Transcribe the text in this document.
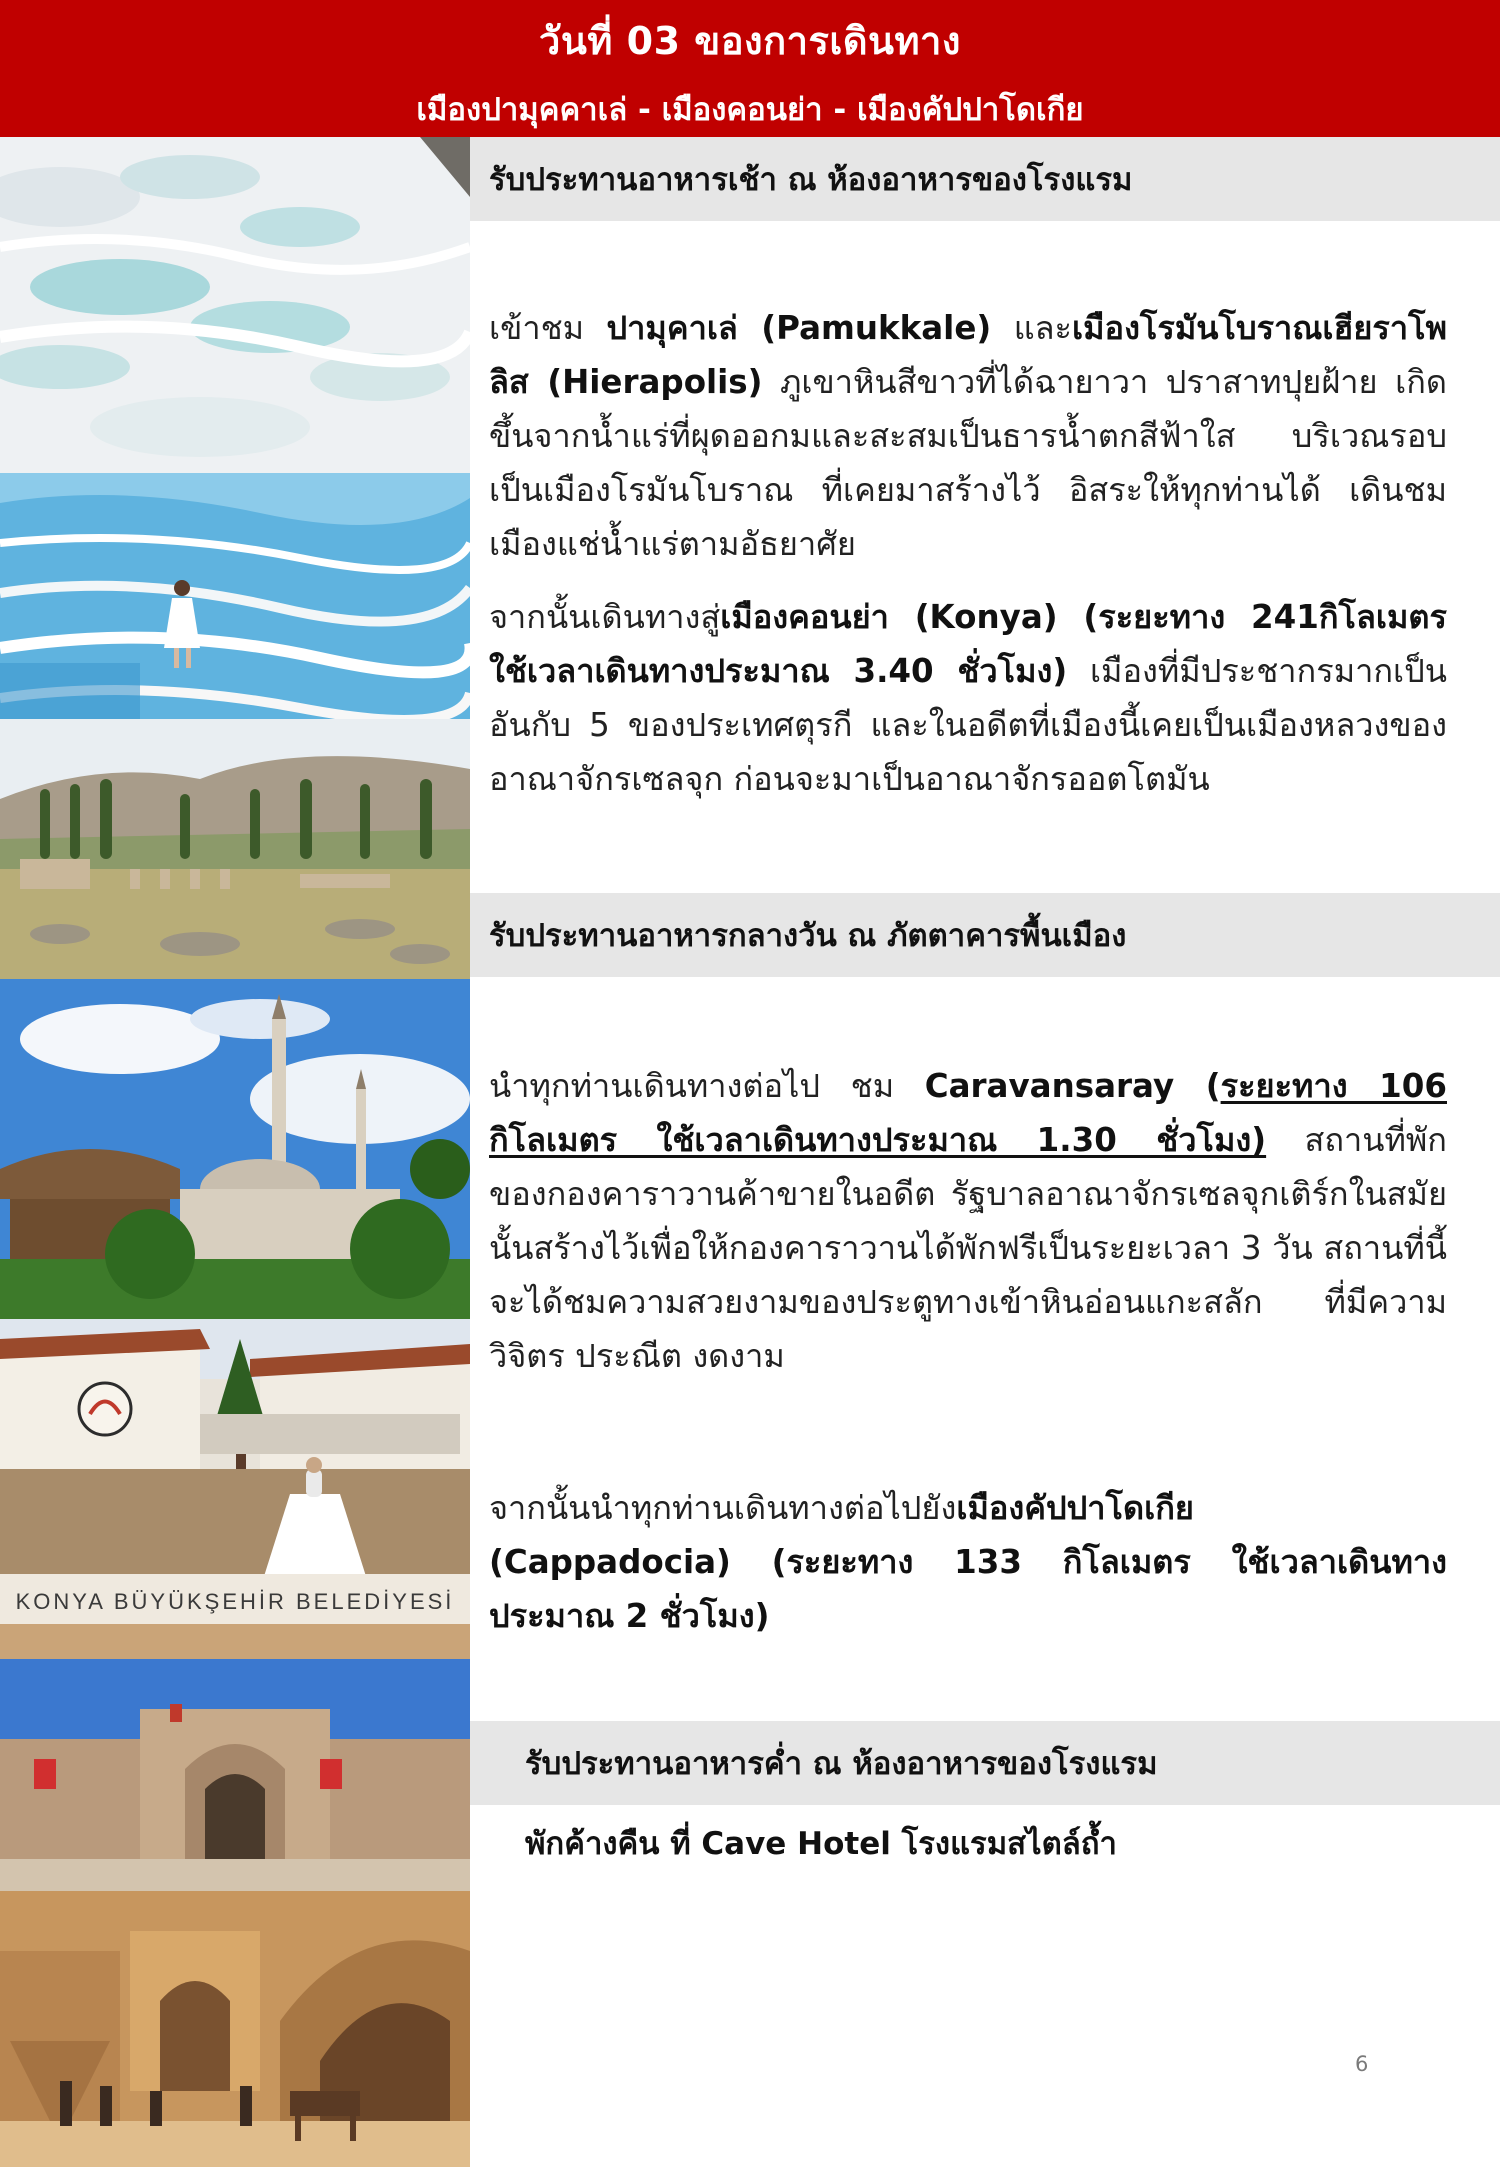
วันที่ 03 ของการเดินทาง
เมืองปามุคคาเล่ - เมืองคอนย่า - เมืองคัปปาโดเกีย
KONYA BÜYÜKŞEHİR BELEDİYESİ
รับประทานอาหารเช้า ณ ห้องอาหารของโรงแรม
เข้าชม ปามุคาเล่ (Pamukkale) และเมืองโรมันโบราณเฮียราโพลิส (Hierapolis) ภูเขาหินสีขาวที่ได้ฉายาวา ปราสาทปุยฝ้าย เกิดขึ้นจากน้ำแร่ที่ผุดออกมและสะสมเป็นธารน้ำตกสีฟ้าใส บริเวณรอบเป็นเมืองโรมันโบราณ ที่เคยมาสร้างไว้ อิสระให้ทุกท่านได้ เดินชมเมืองแช่น้ำแร่ตามอัธยาศัย
จากนั้นเดินทางสู่เมืองคอนย่า (Konya) (ระยะทาง 241กิโลเมตร ใช้เวลาเดินทางประมาณ 3.40 ชั่วโมง) เมืองที่มีประชากรมากเป็นอันกับ 5 ของประเทศตุรกี และในอดีตที่เมืองนี้เคยเป็นเมืองหลวงของอาณาจักรเซลจุก ก่อนจะมาเป็นอาณาจักรออตโตมัน
รับประทานอาหารกลางวัน ณ ภัตตาคารพื้นเมือง
นำทุกท่านเดินทางต่อไป ชม Caravansaray (ระยะทาง 106 กิโลเมตร ใช้เวลาเดินทางประมาณ 1.30 ชั่วโมง) สถานที่พักของกองคาราวานค้าขายในอดีต รัฐบาลอาณาจักรเซลจุกเติร์กในสมัยนั้นสร้างไว้เพื่อให้กองคาราวานได้พักฟรีเป็นระยะเวลา 3 วัน สถานที่นี้จะได้ชมความสวยงามของประตูทางเข้าหินอ่อนแกะสลัก ที่มีความวิจิตร ประณีต งดงาม
จากนั้นนำทุกท่านเดินทางต่อไปยังเมืองคัปปาโดเกีย (Cappadocia) (ระยะทาง 133 กิโลเมตร ใช้เวลาเดินทางประมาณ 2 ชั่วโมง)
รับประทานอาหารค่ำ ณ ห้องอาหารของโรงแรม
พักค้างคืน ที่ Cave Hotel โรงแรมสไตล์ถ้ำ
6
